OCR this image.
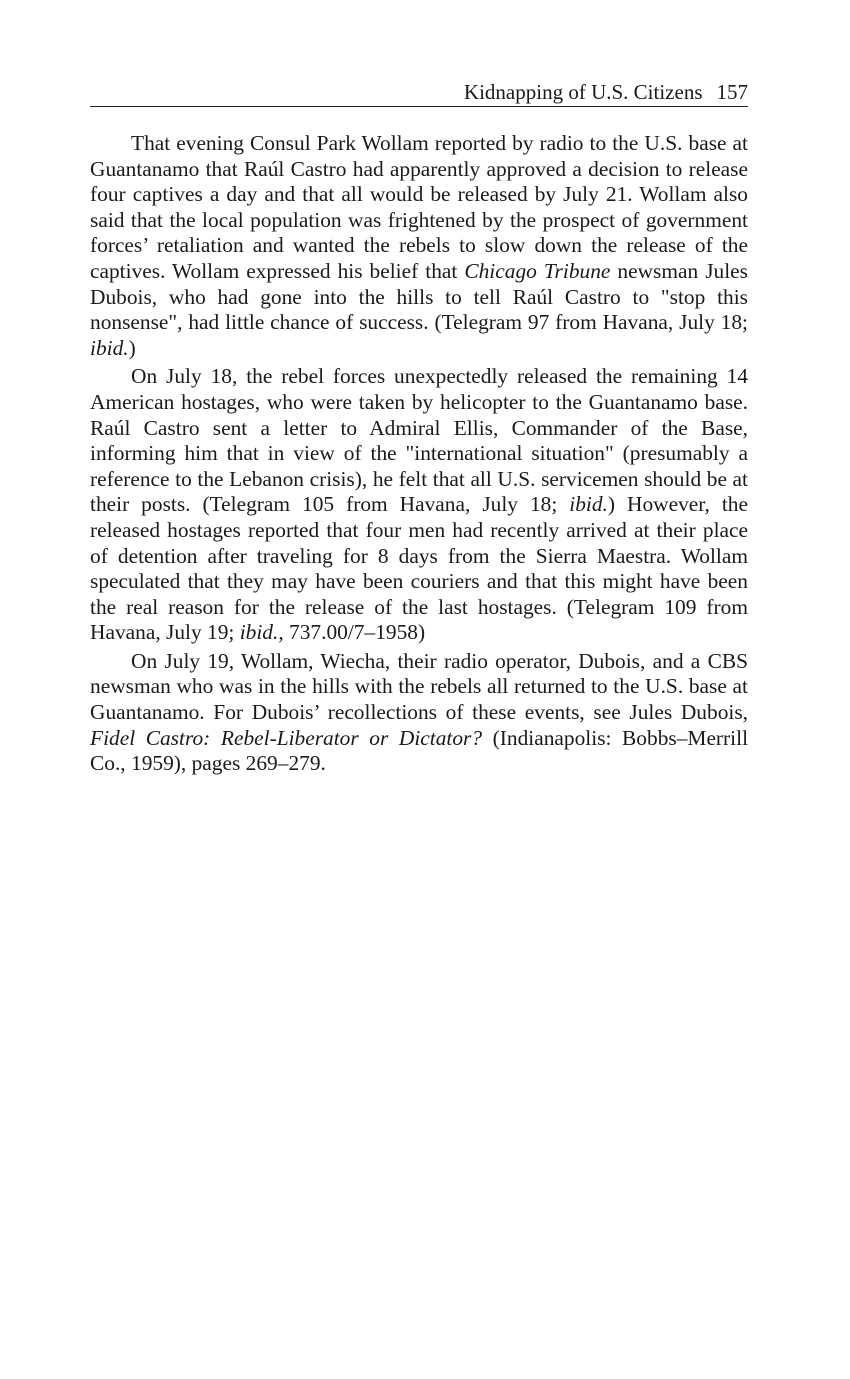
Kidnapping of U.S. Citizens 157

That evening Consul Park Wollam reported by radio to the U.S. base at Guantanamo that Raúl Castro had apparently approved a decision to release four captives a day and that all would be released by July 21. Wollam also said that the local population was frightened by the prospect of government forces’ retaliation and wanted the rebels to slow down the release of the captives. Wollam expressed his belief that Chicago Tribune newsman Jules Dubois, who had gone into the hills to tell Raúl Castro to "stop this nonsense", had little chance of success. (Telegram 97 from Havana, July 18; ibid.)

On July 18, the rebel forces unexpectedly released the remaining 14 American hostages, who were taken by helicopter to the Guantanamo base. Raúl Castro sent a letter to Admiral Ellis, Commander of the Base, informing him that in view of the "international situation" (presumably a reference to the Lebanon crisis), he felt that all U.S. servicemen should be at their posts. (Telegram 105 from Havana, July 18; ibid.) However, the released hostages reported that four men had recently arrived at their place of detention after traveling for 8 days from the Sierra Maestra. Wollam speculated that they may have been couriers and that this might have been the real reason for the release of the last hostages. (Telegram 109 from Havana, July 19; ibid., 737.00/7–1958)

On July 19, Wollam, Wiecha, their radio operator, Dubois, and a CBS newsman who was in the hills with the rebels all returned to the U.S. base at Guantanamo. For Dubois’ recollections of these events, see Jules Dubois, Fidel Castro: Rebel-Liberator or Dictator? (Indianapolis: Bobbs–Merrill Co., 1959), pages 269–279.
